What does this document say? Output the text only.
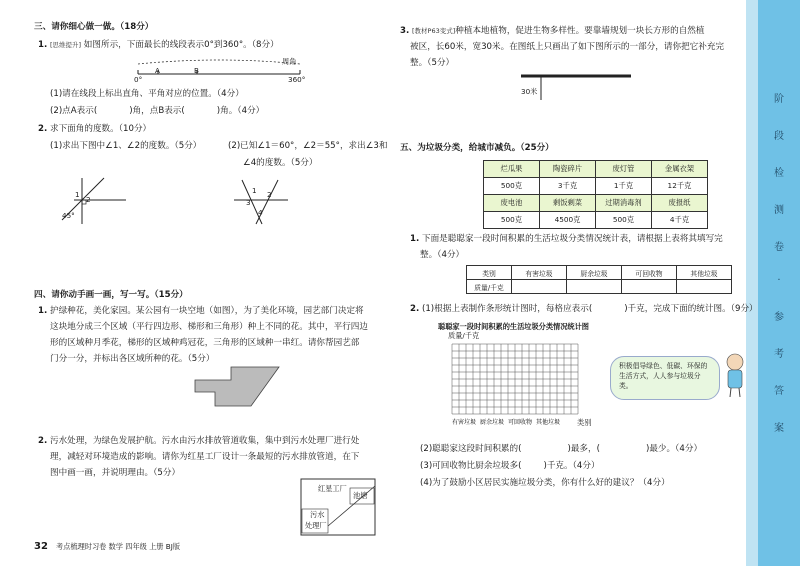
阶
段
检
测
卷
·
参
考
答
案
三、请你细心做一做。（18分）
1. [思维提升] 如图所示，下面最长的线段表示0°到360°。（8分）
周角
0°
A	B
360°
(1)请在线段上标出直角、平角对应的位置。（4分）
(2)点A表示(	)角，点B表示(	)角。（4分）
2. 求下面角的度数。（10分）
(1)求出下图中∠1、∠2的度数。（5分）	(2)已知∠1＝60°，∠2＝55°，求出∠3和
∠4的度数。（5分）
45°
1
2
1 2
3
4
四、请你动手画一画，写一写。（15分）
1. 护绿种花，美化家园。某公园有一块空地（如图），为了美化环境，园艺部门决定将
这块地分成三个区域（平行四边形、梯形和三角形）种上不同的花。其中，平行四边
形的区域种月季花，梯形的区域种鸡冠花，三角形的区域种一串红。请你帮园艺部
门分一分，并标出各区域所种的花。（5分）
2. 污水处理，为绿色发展护航。污水由污水排放管道收集，集中到污水处理厂进行处
理，减轻对环境造成的影响。请你为红星工厂设计一条最短的污水排放管道，在下
图中画一画，并说明理由。（5分）
红星工厂
池塘
污水
处理厂
3. [教材P63变式]种植本地植物，促进生物多样性。要靠墙规划一块长方形的自然植
被区，长60米，宽30米。在图纸上只画出了如下图所示的一部分，请你把它补充完
整。（5分）
30米
五、为垃圾分类，给城市减负。（25分）
烂瓜果	陶瓷碎片	废灯管	金属衣架
500克	3千克	1千克	12千克
废电池	剩饭剩菜	过期消毒剂	废报纸
500克	4500克	500克	4千克
1. 下面是聪聪家一段时间积累的生活垃圾分类情况统计表，请根据上表将其填写完
整。（4分）
类别	有害垃圾	厨余垃圾	可回收物	其他垃圾
质量/千克				
2. (1)根据上表制作条形统计图时，每格应表示(	)千克，完成下面的统计图。（9分）
聪聪家一段时间积累的生活垃圾分类情况统计图
有害垃圾 厨余垃圾 可回收物 其他垃圾
质量/千克
类别
积极倡导绿色、低碳、环保的生活方式，人人参与垃圾分类。
(2)聪聪家这段时间积累的(	)最多，(	)最少。（4分）
(3)可回收物比厨余垃圾多(	)千克。（4分）
(4)为了鼓励小区居民实施垃圾分类，你有什么好的建议？（4分）
32 考点梳理时习卷 数学 四年级 上册 BJ版
